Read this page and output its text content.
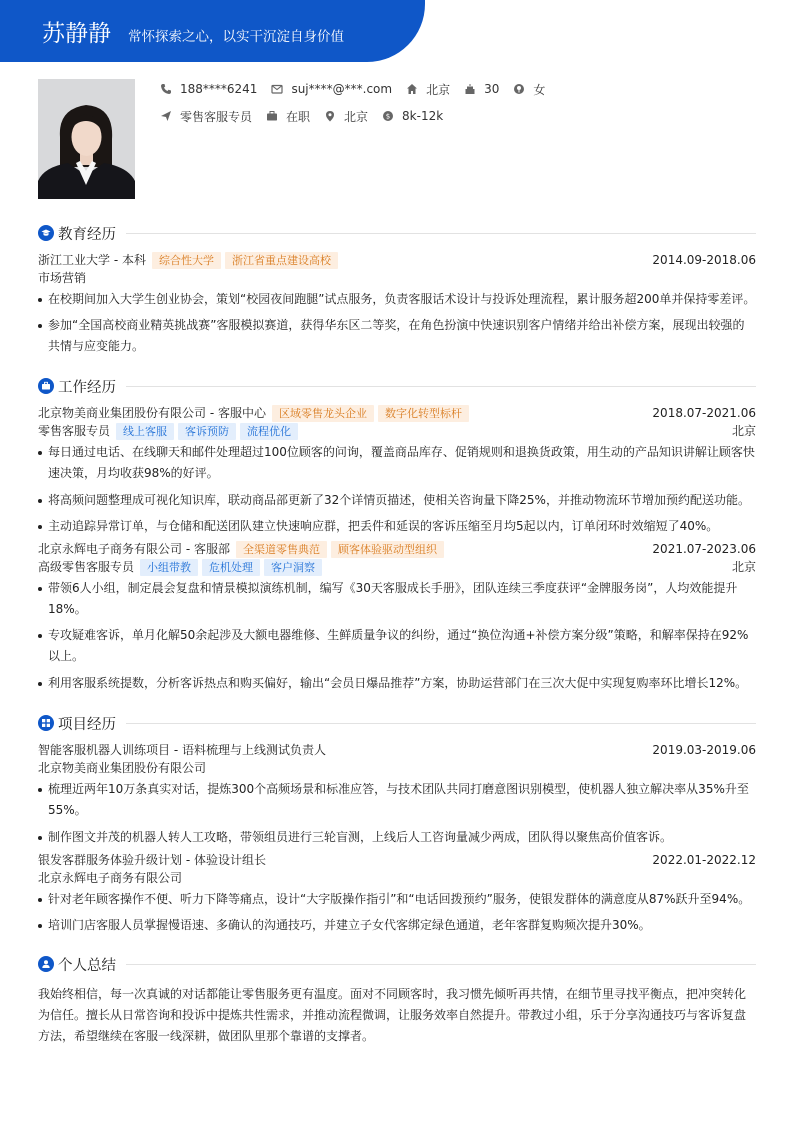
苏静静 常怀探索之心，以实干沉淀自身价值
188****6241	suj****@***.com	北京	30	女
零售客服专员	在职	北京	$ 8k-12k
教育经历
浙江工业大学 - 本科	综合性大学	浙江省重点建设高校	2014.09-2018.06
市场营销
在校期间加入大学生创业协会，策划“校园夜间跑腿”试点服务，负责客服话术设计与投诉处理流程，累计服务超200单并保持零差评。
参加“全国高校商业精英挑战赛”客服模拟赛道，获得华东区二等奖，在角色扮演中快速识别客户情绪并给出补偿方案，展现出较强的共情与应变能力。
工作经历
北京物美商业集团股份有限公司 - 客服中心	区域零售龙头企业	数字化转型标杆	2018.07-2021.06
零售客服专员	线上客服	客诉预防	流程优化	北京
每日通过电话、在线聊天和邮件处理超过100位顾客的问询，覆盖商品库存、促销规则和退换货政策，用生动的产品知识讲解让顾客快速决策，月均收获98%的好评。
将高频问题整理成可视化知识库，联动商品部更新了32个详情页描述，使相关咨询量下降25%，并推动物流环节增加预约配送功能。
主动追踪异常订单，与仓储和配送团队建立快速响应群，把丢件和延误的客诉压缩至月均5起以内，订单闭环时效缩短了40%。
北京永辉电子商务有限公司 - 客服部	全渠道零售典范	顾客体验驱动型组织	2021.07-2023.06
高级零售客服专员	小组带教	危机处理	客户洞察	北京
带领6人小组，制定晨会复盘和情景模拟演练机制，编写《30天客服成长手册》，团队连续三季度获评“金牌服务岗”，人均效能提升18%。
专攻疑难客诉，单月化解50余起涉及大额电器维修、生鲜质量争议的纠纷，通过“换位沟通+补偿方案分级”策略，和解率保持在92%以上。
利用客服系统提数，分析客诉热点和购买偏好，输出“会员日爆品推荐”方案，协助运营部门在三次大促中实现复购率环比增长12%。
项目经历
智能客服机器人训练项目 - 语料梳理与上线测试负责人	2019.03-2019.06
北京物美商业集团股份有限公司
梳理近两年10万条真实对话，提炼300个高频场景和标准应答，与技术团队共同打磨意图识别模型，使机器人独立解决率从35%升至55%。
制作图文并茂的机器人转人工攻略，带领组员进行三轮盲测，上线后人工咨询量减少两成，团队得以聚焦高价值客诉。
银发客群服务体验升级计划 - 体验设计组长	2022.01-2022.12
北京永辉电子商务有限公司
针对老年顾客操作不便、听力下降等痛点，设计“大字版操作指引”和“电话回拨预约”服务，使银发群体的满意度从87%跃升至94%。
培训门店客服人员掌握慢语速、多确认的沟通技巧，并建立子女代客绑定绿色通道，老年客群复购频次提升30%。
个人总结
我始终相信，每一次真诚的对话都能让零售服务更有温度。面对不同顾客时，我习惯先倾听再共情，在细节里寻找平衡点，把冲突转化为信任。擅长从日常咨询和投诉中提炼共性需求，并推动流程微调，让服务效率自然提升。带教过小组，乐于分享沟通技巧与客诉复盘方法，希望继续在客服一线深耕，做团队里那个靠谱的支撑者。
